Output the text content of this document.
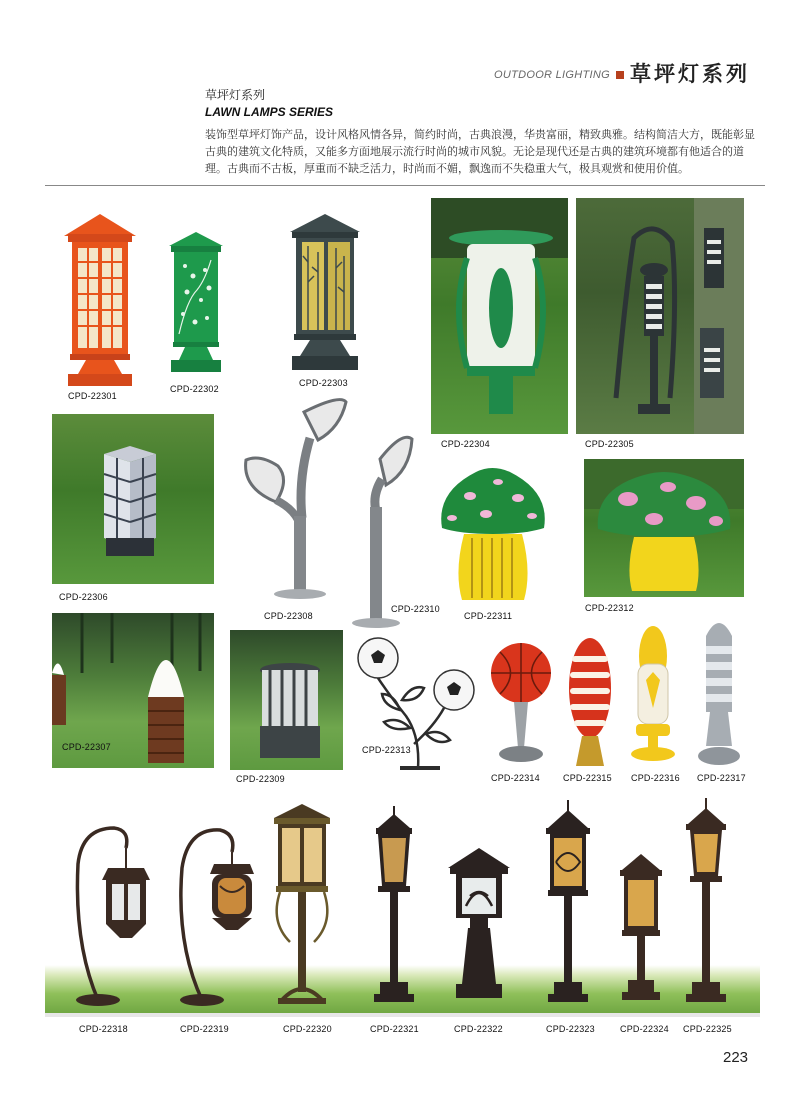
OUTDOOR LIGHTING 草坪灯系列
草坪灯系列
LAWN LAMPS SERIES
装饰型草坪灯饰产品，设计风格风情各异，简约时尚，古典浪漫，华贵富丽，精致典雅。结构简洁大方，既能彰显古典的建筑文化特质，又能多方面地展示流行时尚的城市风貌。无论是现代还是古典的建筑环境都有他适合的道理。古典而不古板，厚重而不缺乏活力，时尚而不媚，飘逸而不失稳重大气，极具观赏和使用价值。
CPD-22301
CPD-22302
CPD-22303
CPD-22304	CPD-22305
CPD-22306
CPD-22308
CPD-22310
CPD-22311
CPD-22312
CPD-22307
CPD-22309
CPD-22313
CPD-22314	CPD-22315 CPD-22316 CPD-22317
CPD-22318	CPD-22319	CPD-22320	CPD-22321	CPD-22322	CPD-22323	CPD-22324 CPD-22325
223
